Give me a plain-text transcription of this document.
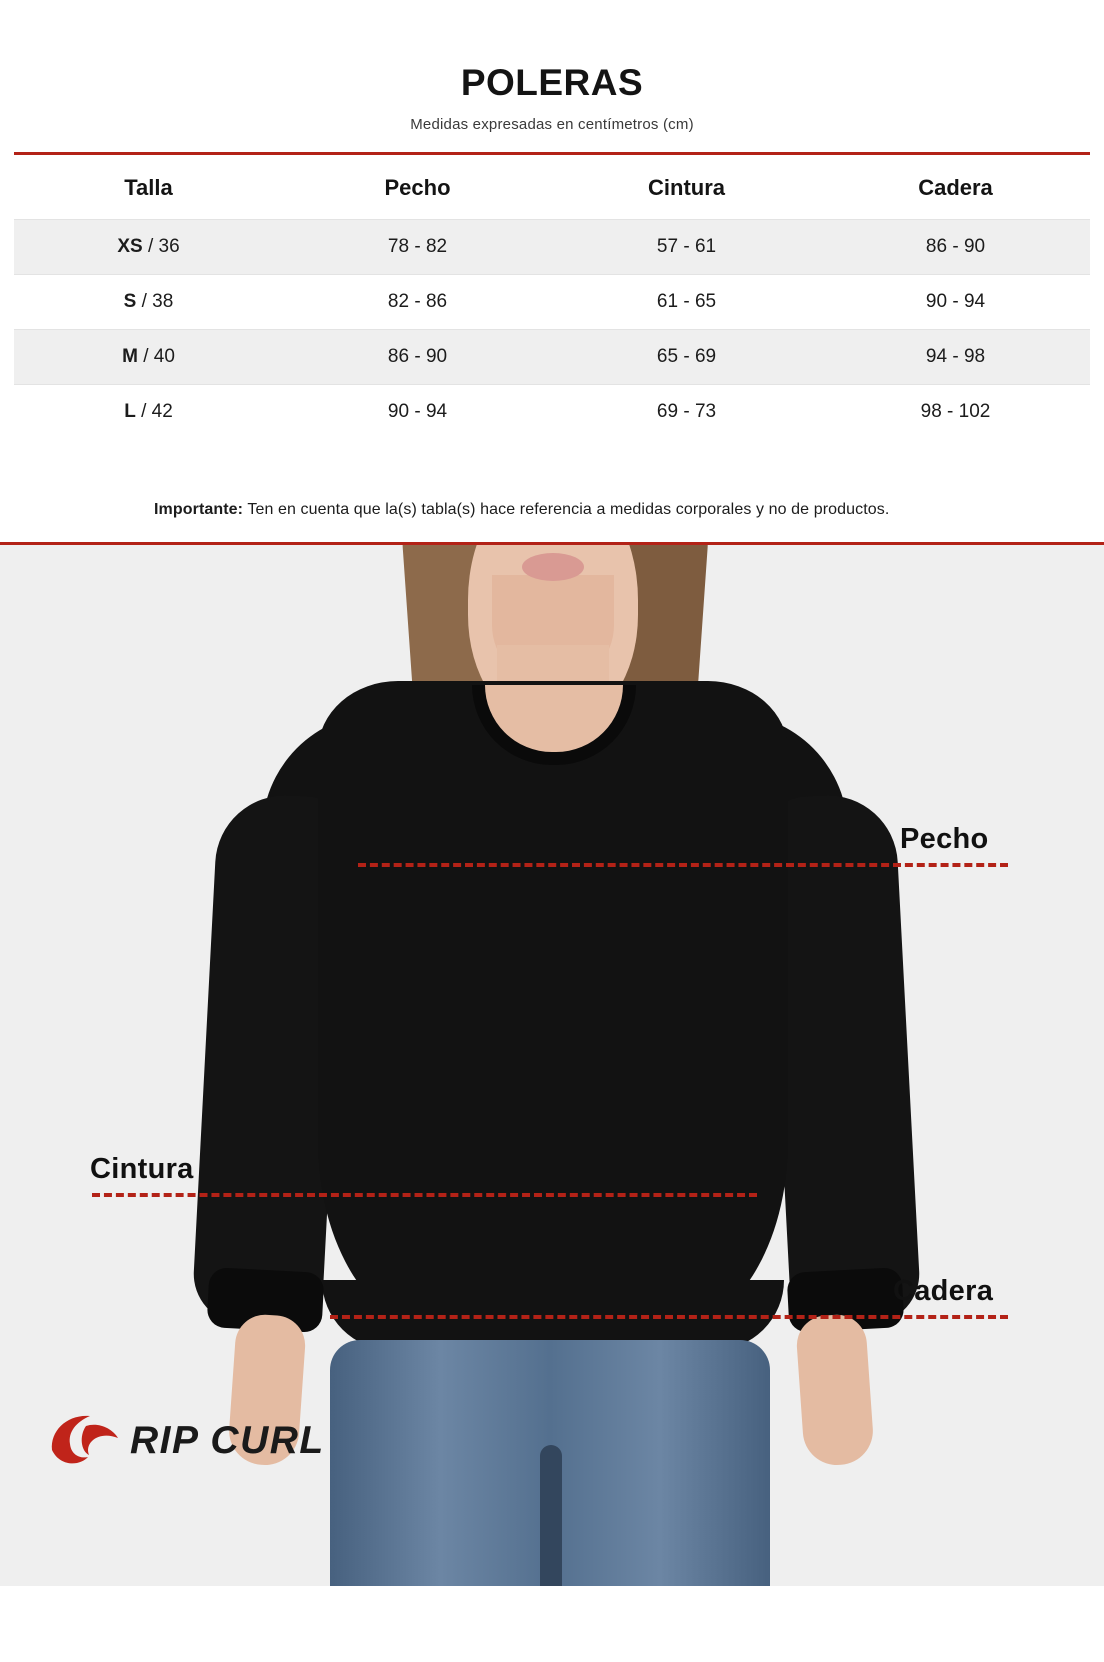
POLERAS

Medidas expresadas en centímetros (cm)

Talla	Pecho	Cintura	Cadera
XS / 36	78 - 82	57 - 61	86 - 90
S / 38	82 - 86	61 - 65	90 - 94
M / 40	86 - 90	65 - 69	94 - 98
L / 42	90 - 94	69 - 73	98 - 102

Importante: Ten en cuenta que la(s) tabla(s) hace referencia a medidas corporales y no de productos.

Pecho
Cintura
Cadera
RIP CURL
